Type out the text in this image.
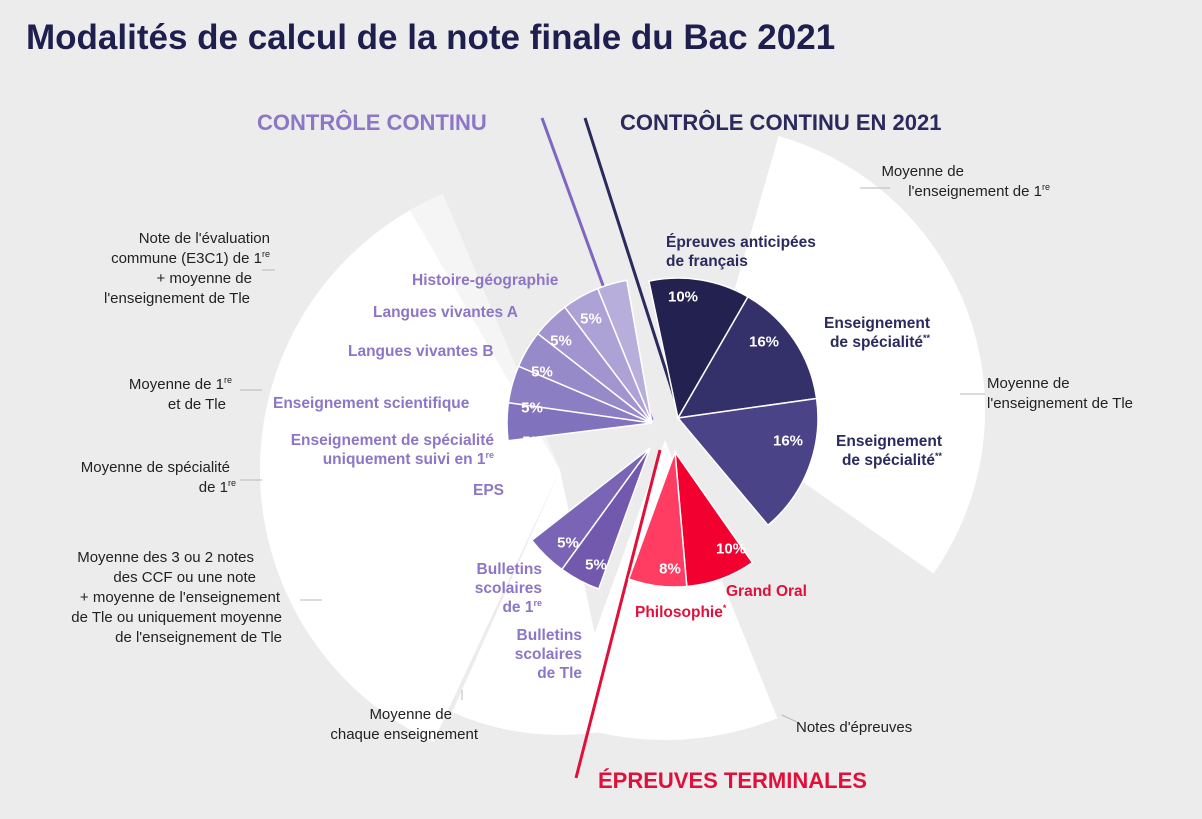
Modalités de calcul de la note finale du Bac 2021
CONTRÔLE CONTINU	CONTRÔLE CONTINU EN 2021
ÉPREUVES TERMINALES
Note de l'évaluation
commune (E3C1) de 1re
+ moyenne de
l'enseignement de Tle
Moyenne de 1re
et de Tle
Moyenne de spécialité
de 1re
Moyenne des 3 ou 2 notes
des CCF ou une note
+ moyenne de l'enseignement
de Tle ou uniquement moyenne
de l'enseignement de Tle
Moyenne de
chaque enseignement	Notes d'épreuves
Moyenne de
l'enseignement de 1re
Moyenne de
l'enseignement de Tle
Histoire-géographie
Langues vivantes A
Langues vivantes B
Enseignement scientifique
Enseignement de spécialité
uniquement suivi en 1re
EPS
Bulletins
scolaires
de 1re
Bulletins
scolaires
de Tle
Épreuves anticipées
de français
Enseignement
de spécialité**
Enseignement
de spécialité**
Grand Oral
Philosophie*
5%
5%
5%
5%
5%
5%
5%
5%
10%
16%
16%
10%
8%
